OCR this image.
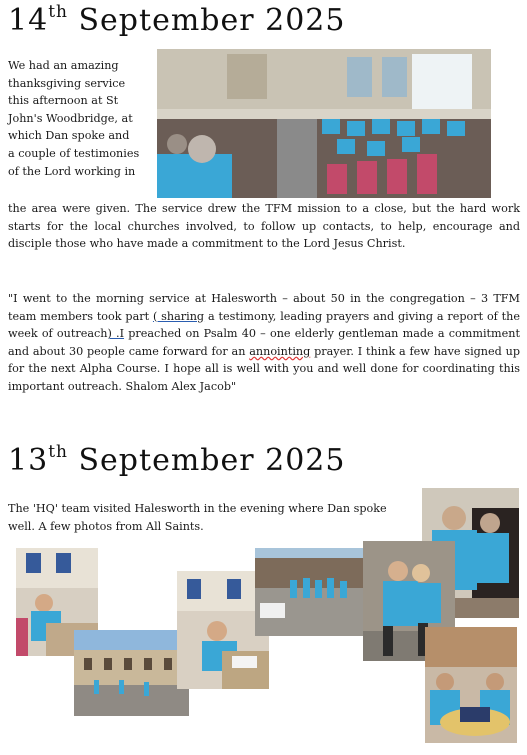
14th September 2025
We had an amazing
thanksgiving service
this afternoon at St
John's Woodbridge, at
which Dan spoke and
a couple of testimonies
of the Lord working in
the area were given. The service drew the TFM mission to a close, but the hard work starts for the local churches involved, to follow up contacts, to help, encourage and disciple those who have made a commitment to the Lord Jesus Christ.
"I went to the morning service at Halesworth – about 50 in the congregation – 3 TFM team members took part ( sharing a testimony, leading prayers and giving a report of the week of outreach) .I preached on Psalm 40 – one elderly gentleman made a commitment and about 30 people came forward for an annointing prayer. I think a few have signed up for the next Alpha Course. I hope all is well with you and well done for coordinating this important outreach. Shalom Alex Jacob"
13th September 2025
The 'HQ' team visited Halesworth in the evening where Dan spoke well. A few photos from All Saints.
